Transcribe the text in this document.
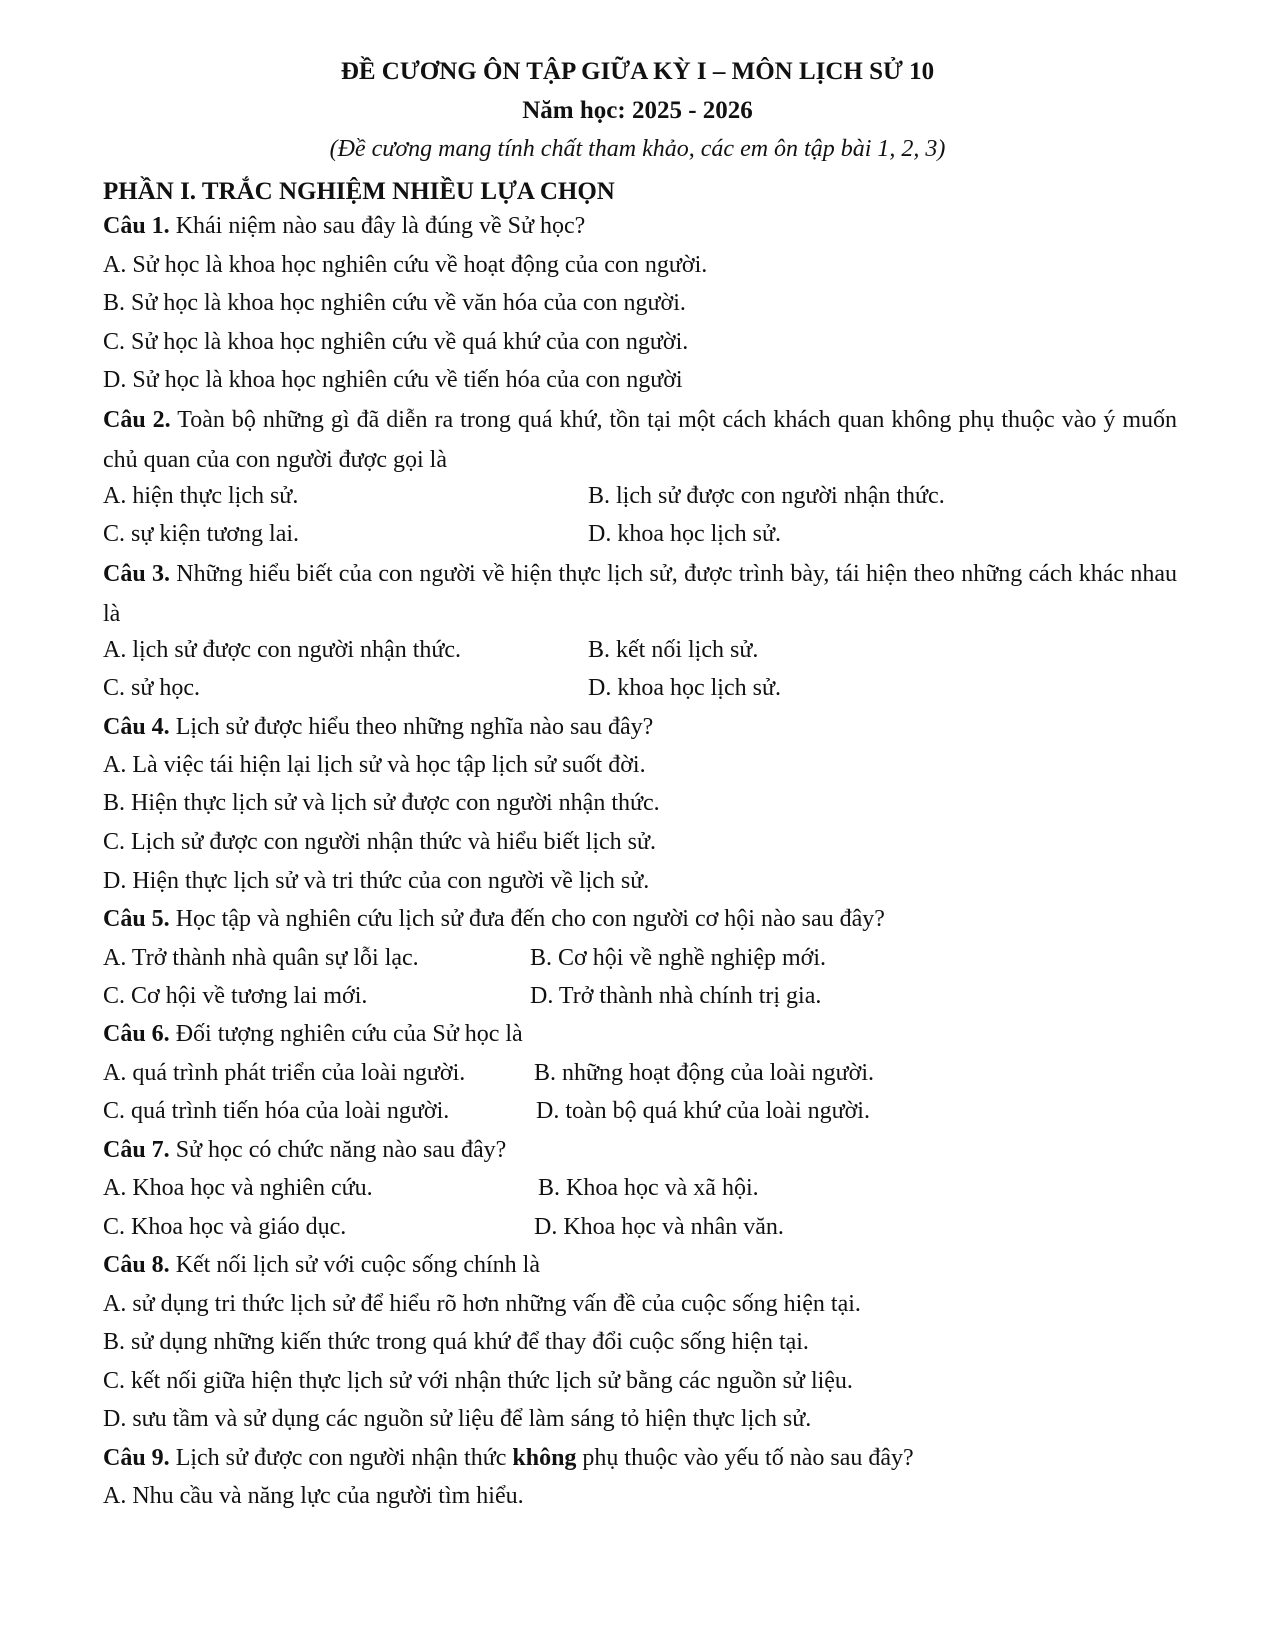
ĐỀ CƯƠNG ÔN TẬP GIỮA KỲ I – MÔN LỊCH SỬ 10
Năm học: 2025 - 2026
(Đề cương mang tính chất tham khảo, các em ôn tập bài 1, 2, 3)
PHẦN I. TRẮC NGHIỆM NHIỀU LỰA CHỌN
Câu 1. Khái niệm nào sau đây là đúng về Sử học?
A. Sử học là khoa học nghiên cứu về hoạt động của con người.
B. Sử học là khoa học nghiên cứu về văn hóa của con người.
C. Sử học là khoa học nghiên cứu về quá khứ của con người.
D. Sử học là khoa học nghiên cứu về tiến hóa của con người
Câu 2. Toàn bộ những gì đã diễn ra trong quá khứ, tồn tại một cách khách quan không phụ thuộc vào ý muốn chủ quan của con người được gọi là
A. hiện thực lịch sử.	B. lịch sử được con người nhận thức.
C. sự kiện tương lai.	D. khoa học lịch sử.
Câu 3. Những hiểu biết của con người về hiện thực lịch sử, được trình bày, tái hiện theo những cách khác nhau là
A. lịch sử được con người nhận thức.	B. kết nối lịch sử.
C. sử học.	D. khoa học lịch sử.
Câu 4. Lịch sử được hiểu theo những nghĩa nào sau đây?
A. Là việc tái hiện lại lịch sử và học tập lịch sử suốt đời.
B. Hiện thực lịch sử và lịch sử được con người nhận thức.
C. Lịch sử được con người nhận thức và hiểu biết lịch sử.
D. Hiện thực lịch sử và tri thức của con người về lịch sử.
Câu 5. Học tập và nghiên cứu lịch sử đưa đến cho con người cơ hội nào sau đây?
A. Trở thành nhà quân sự lỗi lạc.	B. Cơ hội về nghề nghiệp mới.
C. Cơ hội về tương lai mới.	D. Trở thành nhà chính trị gia.
Câu 6. Đối tượng nghiên cứu của Sử học là
A. quá trình phát triển của loài người.	B. những hoạt động của loài người.
C. quá trình tiến hóa của loài người.	D. toàn bộ quá khứ của loài người.
Câu 7. Sử học có chức năng nào sau đây?
A. Khoa học và nghiên cứu.	B. Khoa học và xã hội.
C. Khoa học và giáo dục.	D. Khoa học và nhân văn.
Câu 8. Kết nối lịch sử với cuộc sống chính là
A. sử dụng tri thức lịch sử để hiểu rõ hơn những vấn đề của cuộc sống hiện tại.
B. sử dụng những kiến thức trong quá khứ để thay đổi cuộc sống hiện tại.
C. kết nối giữa hiện thực lịch sử với nhận thức lịch sử bằng các nguồn sử liệu.
D. sưu tầm và sử dụng các nguồn sử liệu để làm sáng tỏ hiện thực lịch sử.
Câu 9. Lịch sử được con người nhận thức không phụ thuộc vào yếu tố nào sau đây?
A. Nhu cầu và năng lực của người tìm hiểu.
